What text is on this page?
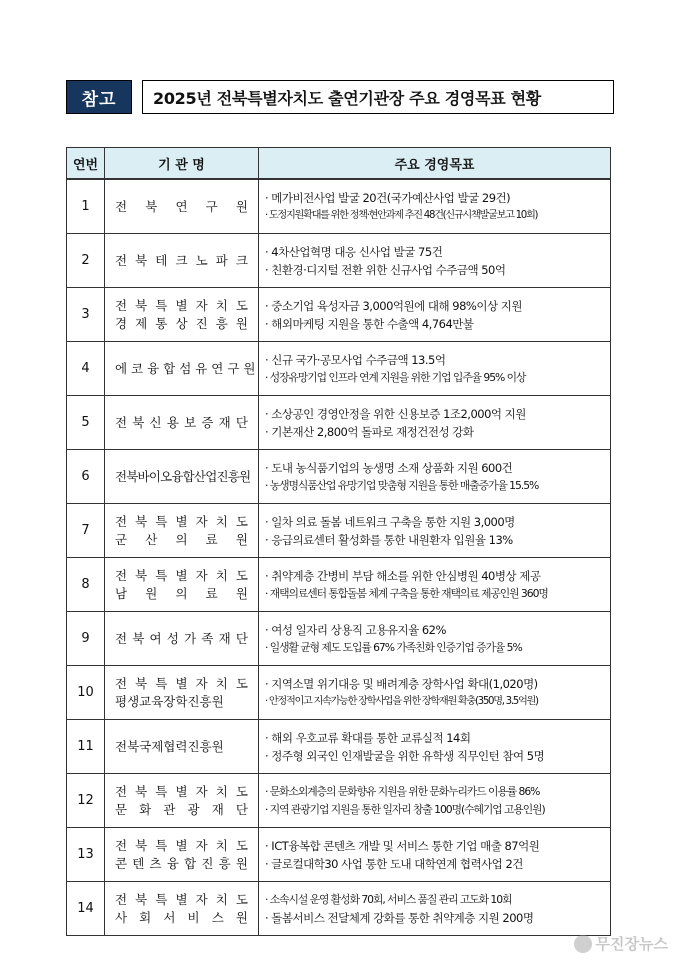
참고	2025년 전북특별자치도 출연기관장 주요 경영목표 현황
연번	기 관 명	주요 경영목표
1	전 북 연 구 원	· 메가비전사업 발굴 20건(국가예산사업 발굴 29건)
· 도정지원확대를 위한 정책·현안과제 추진 48건(신규시책발굴보고 10회)

2	전 북 테 크 노 파 크	· 4차산업혁명 대응 신사업 발굴 75건
· 친환경·디지털 전환 위한 신규사업 수주금액 50억

3	전 북 특 별 자 치 도
경 제 통 상 진 흥 원	· 중소기업 육성자금 3,000억원에 대해 98%이상 지원
· 해외마케팅 지원을 통한 수출액 4,764만불

4	에 코 융 합 섬 유 연 구 원	· 신규 국가·공모사업 수주금액 13.5억
· 성장유망기업 인프라 연계 지원을 위한 기업 입주율 95% 이상

5	전 북 신 용 보 증 재 단	· 소상공인 경영안정을 위한 신용보증 1조2,000억 지원
· 기본재산 2,800억 돌파로 재정건전성 강화

6	전북바이오융합산업진흥원	· 도내 농식품기업의 농생명 소재 상품화 지원 600건
· 농생명식품산업 유망기업 맞춤형 지원을 통한 매출증가율 15.5%

7	전 북 특 별 자 치 도
군 산 의 료 원	· 일차 의료 돌봄 네트워크 구축을 통한 지원 3,000명
· 응급의료센터 활성화를 통한 내원환자 입원율 13%

8	전 북 특 별 자 치 도
남 원 의 료 원	· 취약계층 간병비 부담 해소를 위한 안심병원 40병상 제공
· 재택의료센터 통합돌봄 체계 구축을 통한 재택의료 제공인원 360명

9	전 북 여 성 가 족 재 단	· 여성 일자리 상용직 고용유지율 62%
· 일생활 균형 제도 도입률 67% 가족친화 인증기업 증가율 5%

10	전 북 특 별 자 치 도
평생교육장학진흥원	· 지역소멸 위기대응 및 배려계층 장학사업 확대(1,020명)
· 안정적이고 지속가능한 장학사업을 위한 장학재원 확충(350명, 3.5억원)

11	전북국제협력진흥원	· 해외 우호교류 확대를 통한 교류실적 14회
· 정주형 외국인 인재발굴을 위한 유학생 직무인턴 참여 5명

12	전 북 특 별 자 치 도
문 화 관 광 재 단	· 문화소외계층의 문화향유 지원을 위한 문화누리카드 이용률 86%
· 지역 관광기업 지원을 통한 일자리 창출 100명(수혜기업 고용인원)

13	전 북 특 별 자 치 도
콘 텐 츠 융 합 진 흥 원	· ICT융복합 콘텐츠 개발 및 서비스 통한 기업 매출 87억원
· 글로컬대학30 사업 통한 도내 대학연계 협력사업 2건

14	전 북 특 별 자 치 도
사 회 서 비 스 원	· 소속시설 운영 활성화 70회, 서비스 품질 관리 고도화 10회
· 돌봄서비스 전달체계 강화를 통한 취약계층 지원 200명
무진장뉴스
